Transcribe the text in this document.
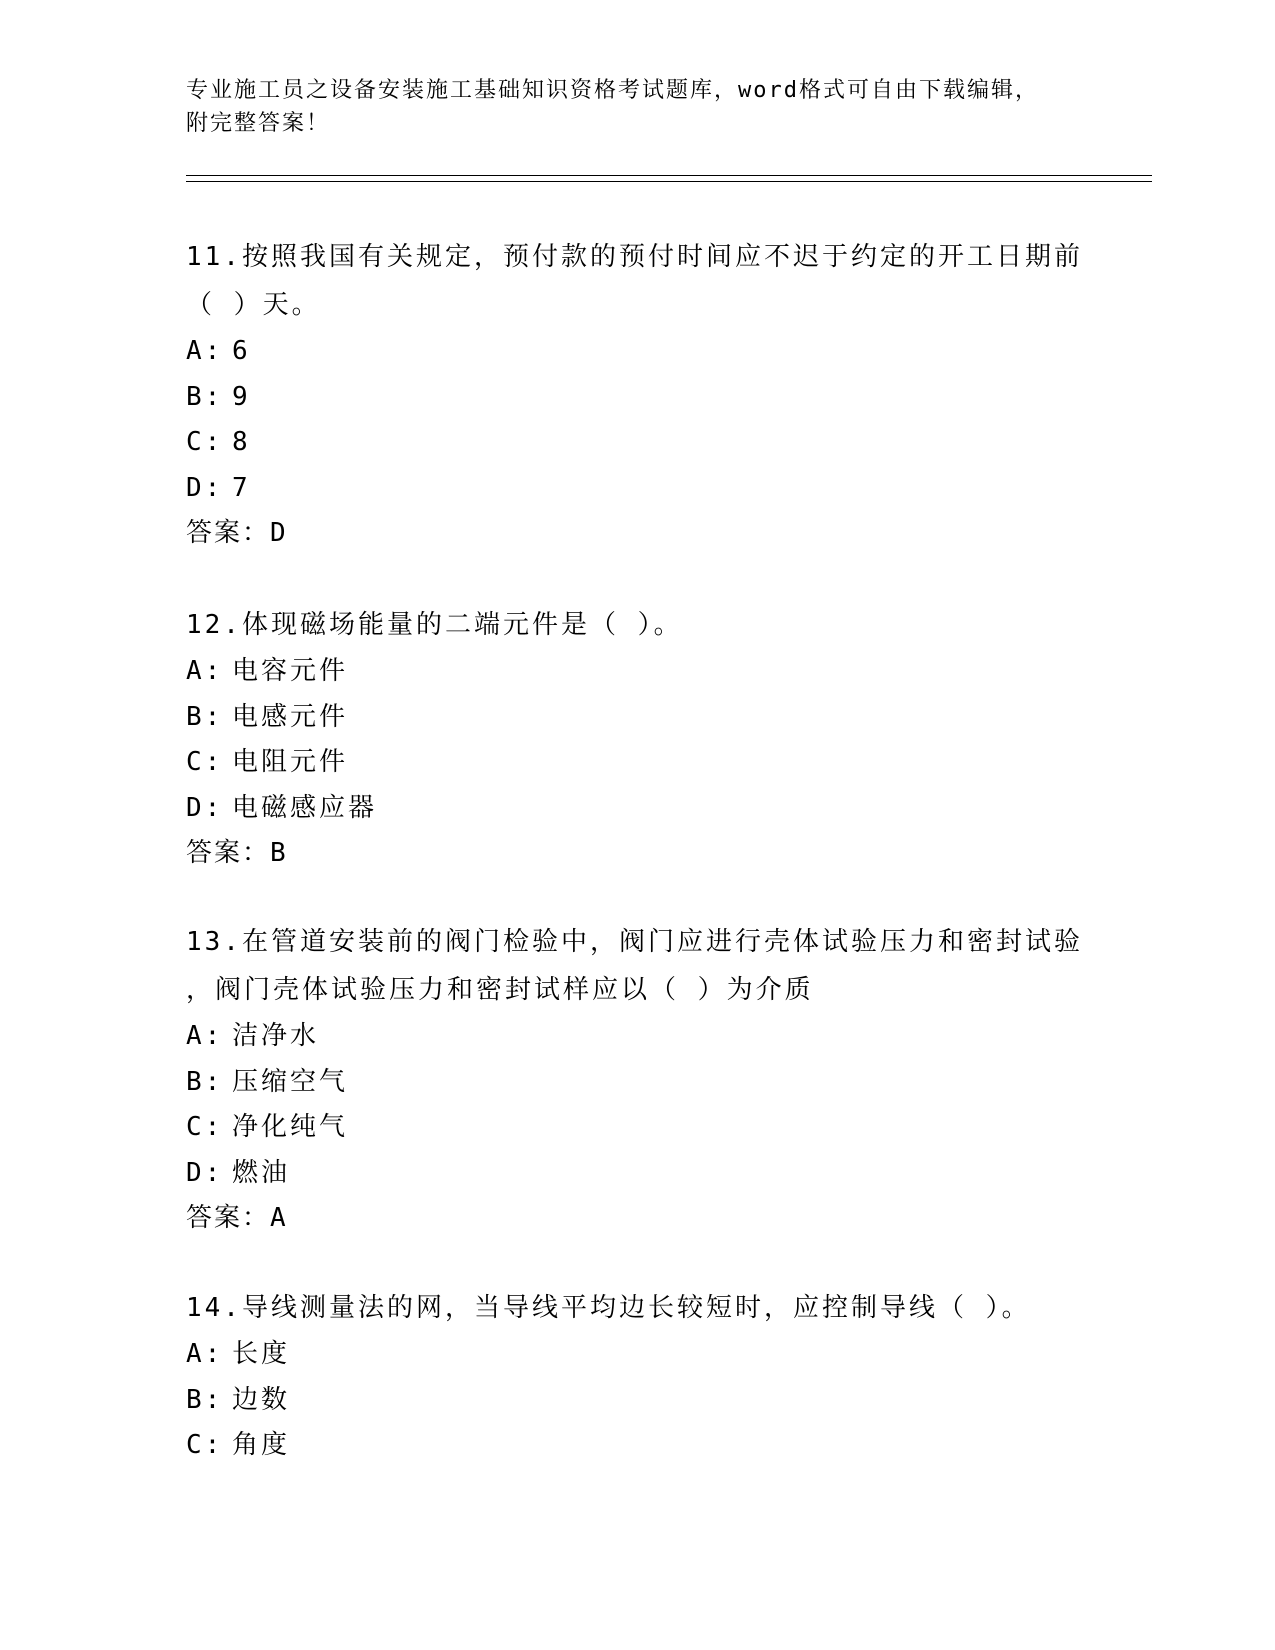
专业施工员之设备安装施工基础知识资格考试题库，word格式可自由下载编辑，
附完整答案！
11.按照我国有关规定，预付款的预付时间应不迟于约定的开工日期前
（ ）天。
A: 6
B: 9
C: 8
D: 7
答案：D
12.体现磁场能量的二端元件是（ ）。
A: 电容元件
B: 电感元件
C: 电阻元件
D: 电磁感应器
答案：B
13.在管道安装前的阀门检验中，阀门应进行壳体试验压力和密封试验
，阀门壳体试验压力和密封试样应以（ ）为介质
A: 洁净水
B: 压缩空气
C: 净化纯气
D: 燃油
答案：A
14.导线测量法的网，当导线平均边长较短时，应控制导线（ ）。
A: 长度
B: 边数
C: 角度
